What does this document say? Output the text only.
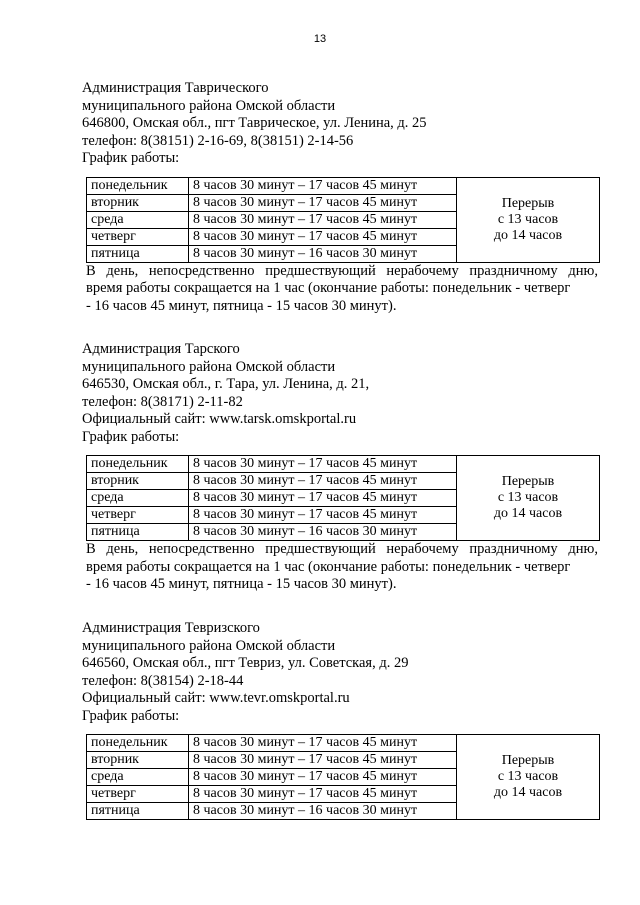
13
Администрация Таврического
муниципального района Омской области
646800, Омская обл., пгт Таврическое, ул. Ленина, д. 25
телефон: 8(38151) 2-16-69, 8(38151) 2-14-56
График работы:
понедельник	8 часов 30 минут – 17 часов 45 минут	Перерыв
с 13 часов
до 14 часов

вторник	8 часов 30 минут – 17 часов 45 минут	
среда	8 часов 30 минут – 17 часов 45 минут	
четверг	8 часов 30 минут – 17 часов 45 минут	
пятница	8 часов 30 минут – 16 часов 30 минут	
В день, непосредственно предшествующий нерабочему праздничному дню,
время работы сокращается на 1 час (окончание работы: понедельник - четверг
- 16 часов 45 минут, пятница - 15 часов 30 минут).
Администрация Тарского
муниципального района Омской области
646530, Омская обл., г. Тара, ул. Ленина, д. 21,
телефон: 8(38171) 2-11-82
Официальный сайт: www.tarsk.omskportal.ru
График работы:
понедельник	8 часов 30 минут – 17 часов 45 минут	Перерыв
с 13 часов
до 14 часов

вторник	8 часов 30 минут – 17 часов 45 минут	
среда	8 часов 30 минут – 17 часов 45 минут	
четверг	8 часов 30 минут – 17 часов 45 минут	
пятница	8 часов 30 минут – 16 часов 30 минут	
В день, непосредственно предшествующий нерабочему праздничному дню,
время работы сокращается на 1 час (окончание работы: понедельник - четверг
- 16 часов 45 минут, пятница - 15 часов 30 минут).
Администрация Тевризского
муниципального района Омской области
646560, Омская обл., пгт Тевриз, ул. Советская, д. 29
телефон: 8(38154) 2-18-44
Официальный сайт: www.tevr.omskportal.ru
График работы:
понедельник	8 часов 30 минут – 17 часов 45 минут	Перерыв
с 13 часов
до 14 часов

вторник	8 часов 30 минут – 17 часов 45 минут	
среда	8 часов 30 минут – 17 часов 45 минут	
четверг	8 часов 30 минут – 17 часов 45 минут	
пятница	8 часов 30 минут – 16 часов 30 минут	
